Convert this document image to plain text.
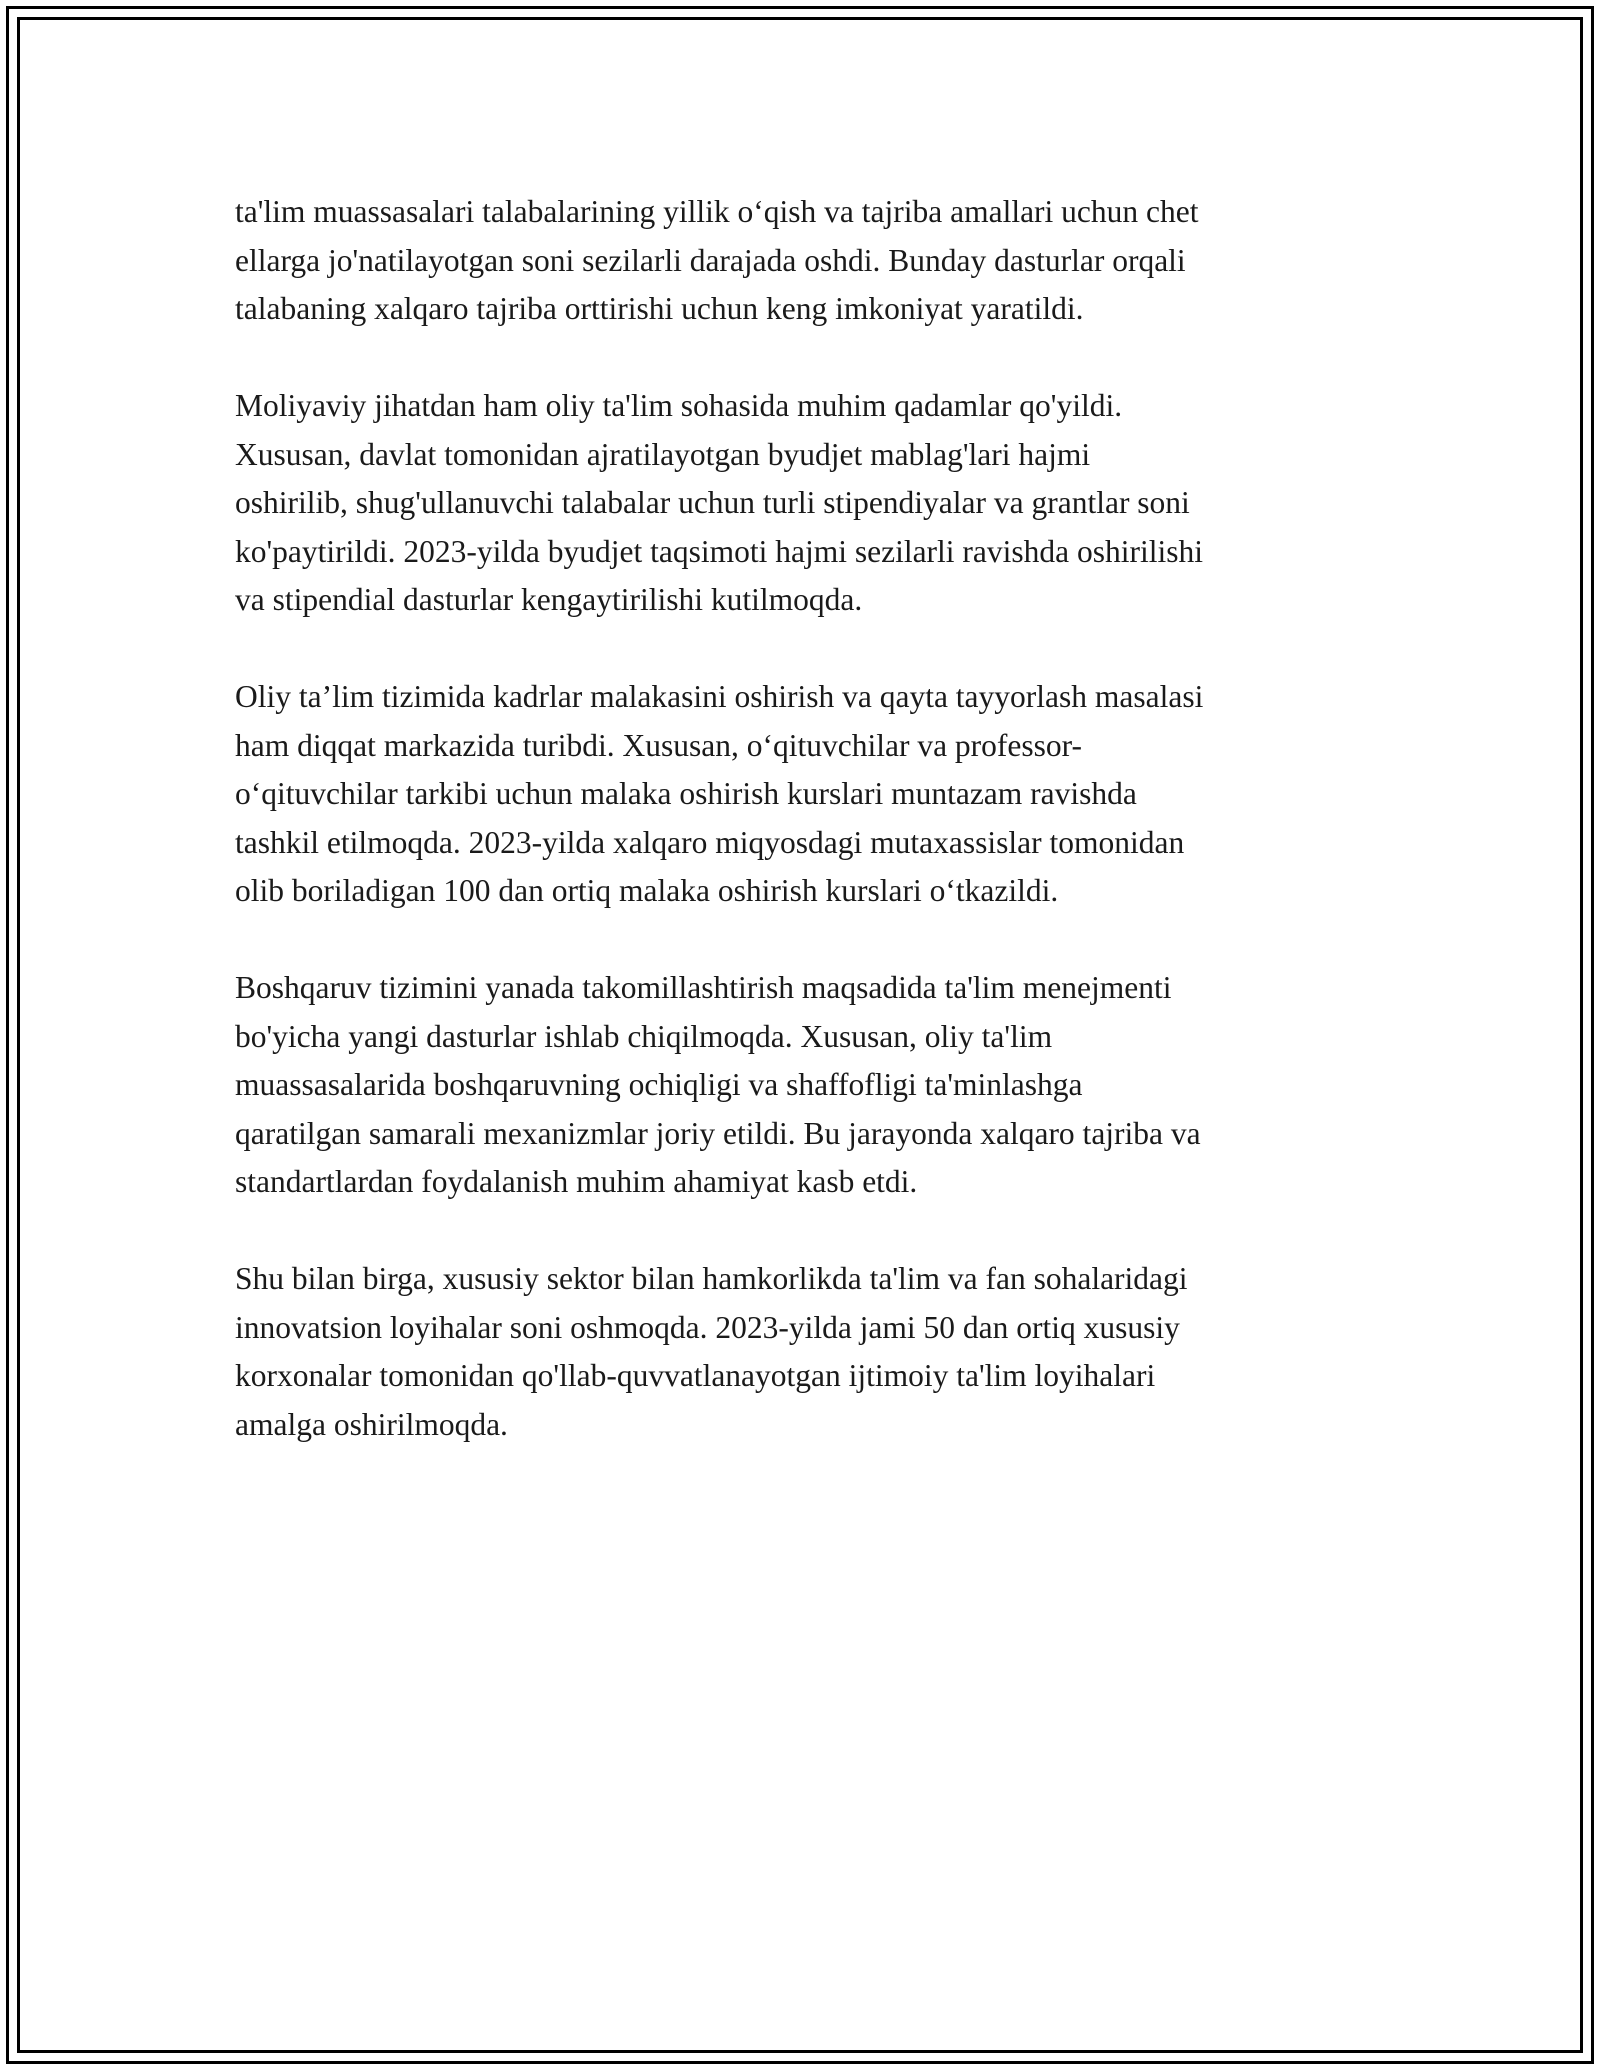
ta'lim muassasalari talabalarining yillik o‘qish va tajriba amallari uchun chet
ellarga jo'natilayotgan soni sezilarli darajada oshdi. Bunday dasturlar orqali
talabaning xalqaro tajriba orttirishi uchun keng imkoniyat yaratildi.

Moliyaviy jihatdan ham oliy ta'lim sohasida muhim qadamlar qo'yildi.
Xususan, davlat tomonidan ajratilayotgan byudjet mablag'lari hajmi
oshirilib, shug'ullanuvchi talabalar uchun turli stipendiyalar va grantlar soni
ko'paytirildi. 2023-yilda byudjet taqsimoti hajmi sezilarli ravishda oshirilishi
va stipendial dasturlar kengaytirilishi kutilmoqda.

Oliy ta’lim tizimida kadrlar malakasini oshirish va qayta tayyorlash masalasi
ham diqqat markazida turibdi. Xususan, o‘qituvchilar va professor-
o‘qituvchilar tarkibi uchun malaka oshirish kurslari muntazam ravishda
tashkil etilmoqda. 2023-yilda xalqaro miqyosdagi mutaxassislar tomonidan
olib boriladigan 100 dan ortiq malaka oshirish kurslari o‘tkazildi.

Boshqaruv tizimini yanada takomillashtirish maqsadida ta'lim menejmenti
bo'yicha yangi dasturlar ishlab chiqilmoqda. Xususan, oliy ta'lim
muassasalarida boshqaruvning ochiqligi va shaffofligi ta'minlashga
qaratilgan samarali mexanizmlar joriy etildi. Bu jarayonda xalqaro tajriba va
standartlardan foydalanish muhim ahamiyat kasb etdi.

Shu bilan birga, xususiy sektor bilan hamkorlikda ta'lim va fan sohalaridagi
innovatsion loyihalar soni oshmoqda. 2023-yilda jami 50 dan ortiq xususiy
korxonalar tomonidan qo'llab-quvvatlanayotgan ijtimoiy ta'lim loyihalari
amalga oshirilmoqda.
